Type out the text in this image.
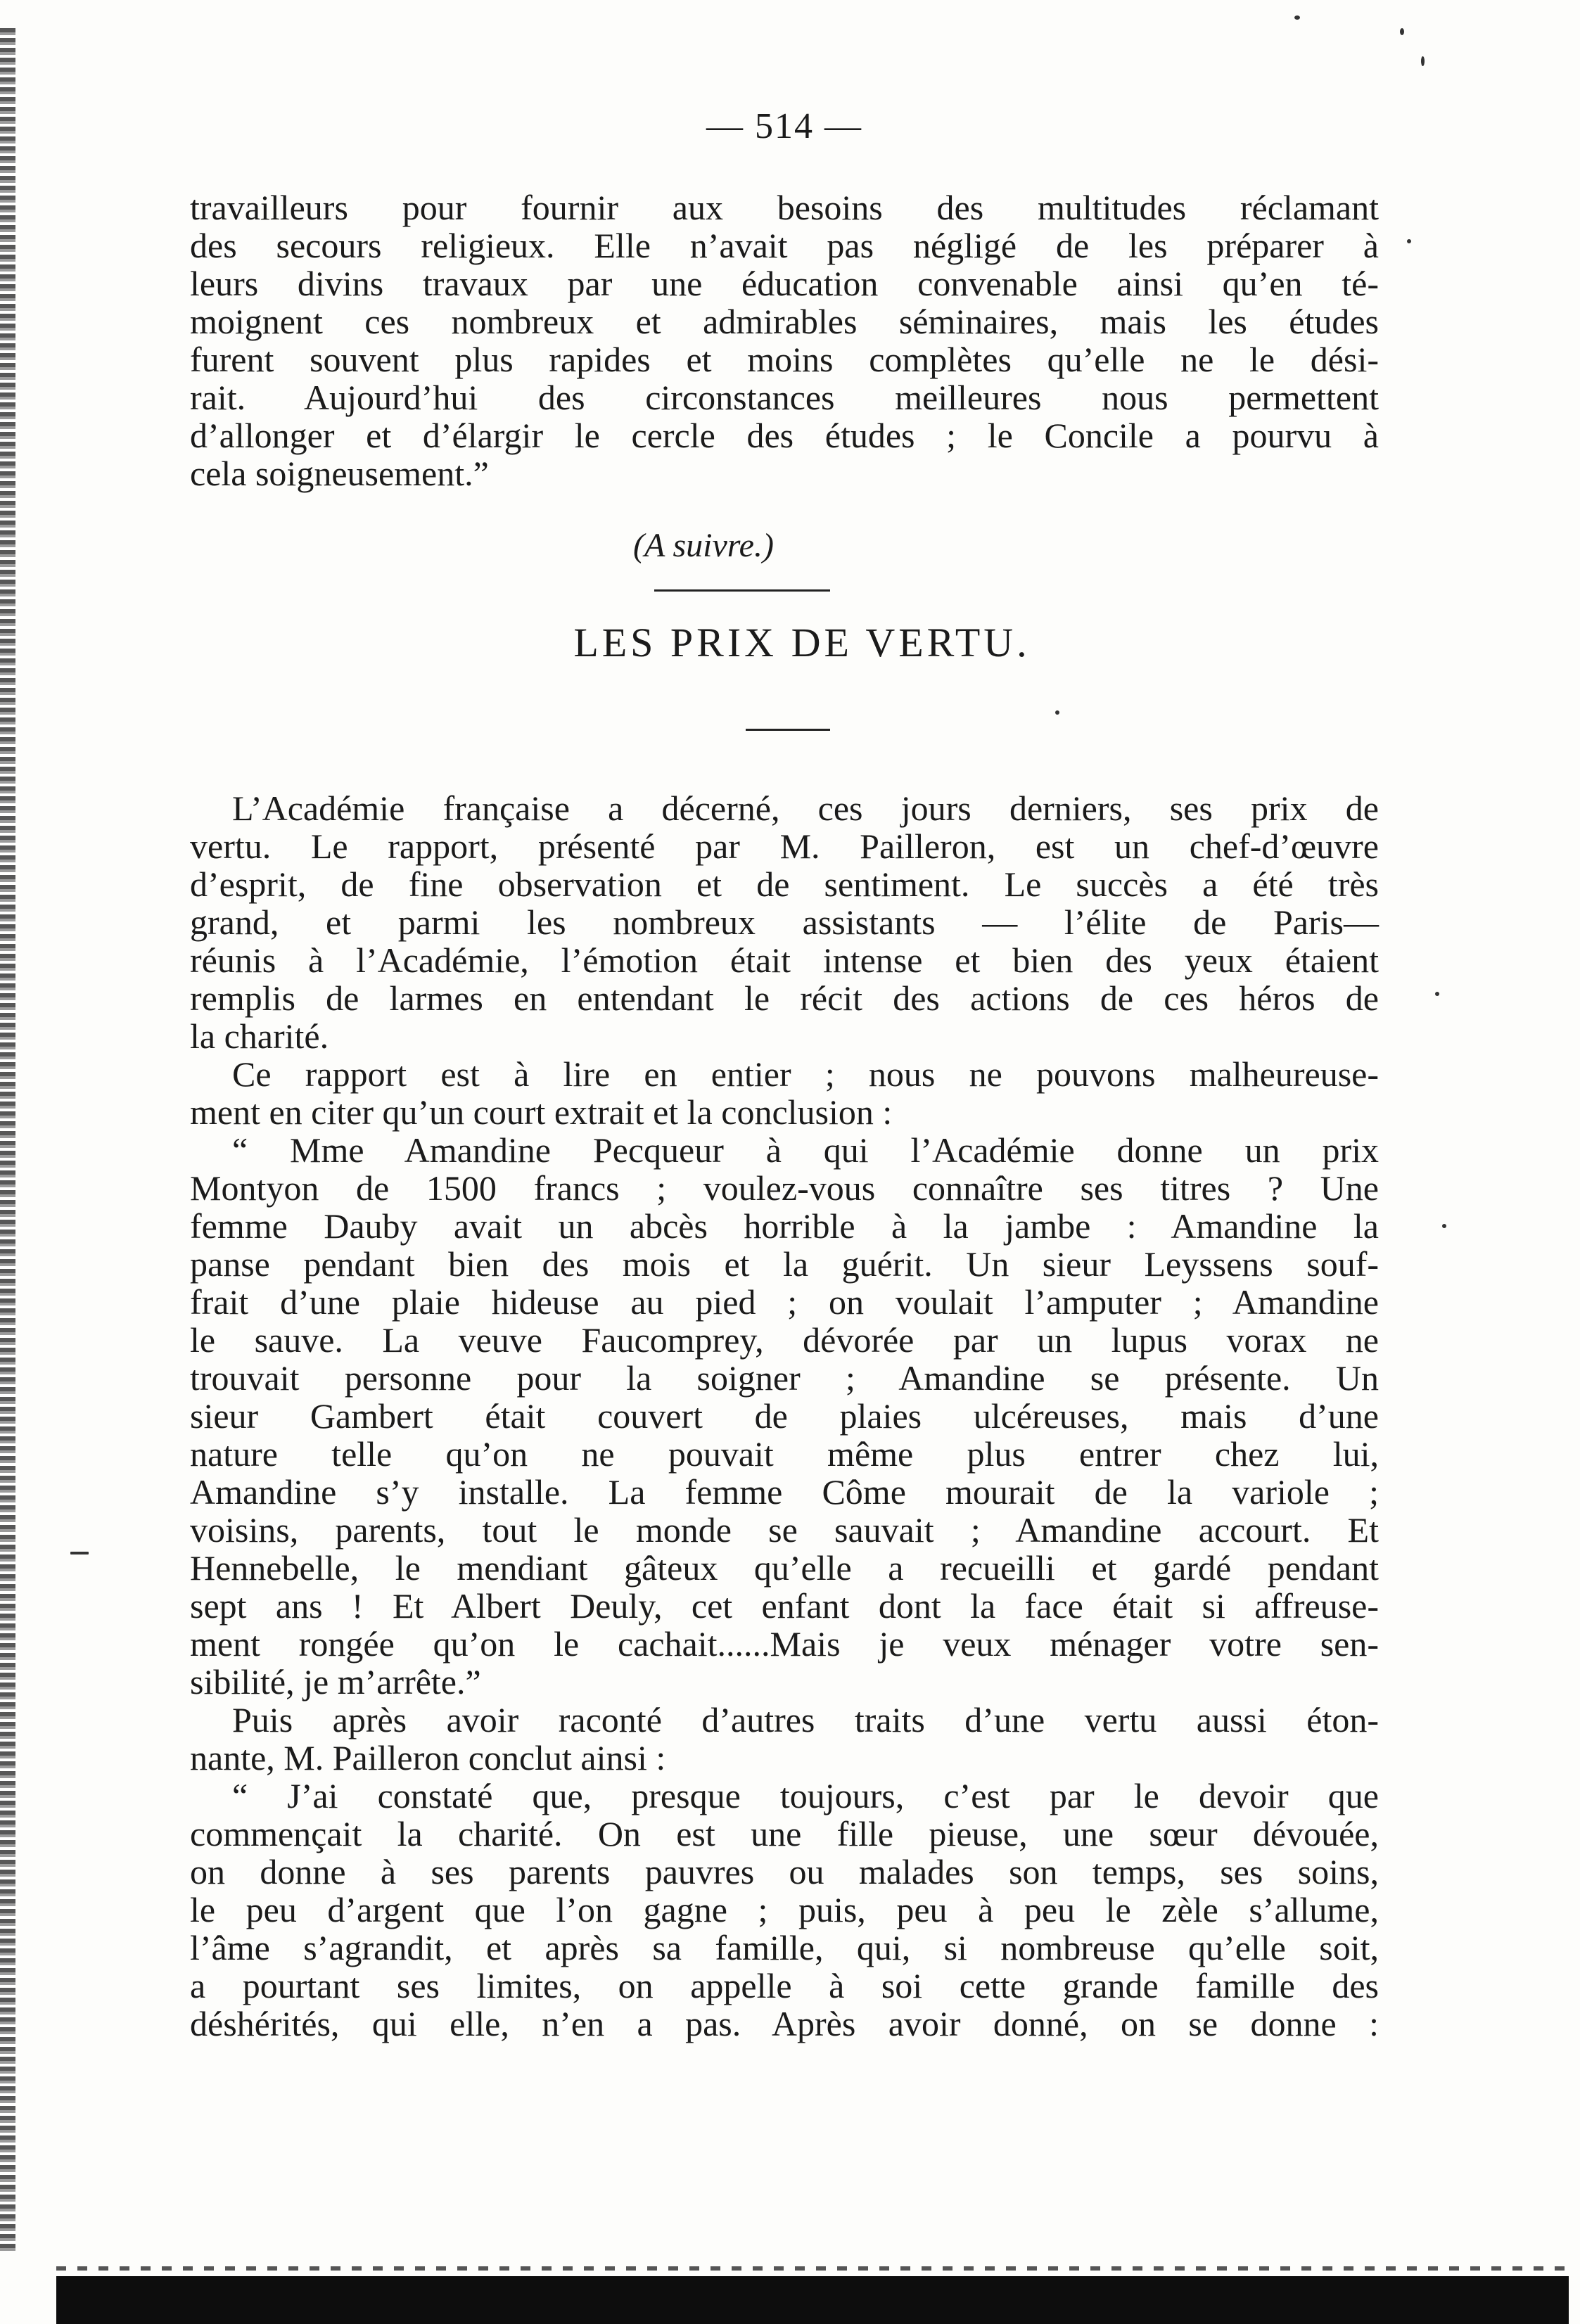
— 514 —
travailleurs pour fournir aux besoins des multitudes réclamant
des secours religieux. Elle n’avait pas négligé de les préparer à
leurs divins travaux par une éducation convenable ainsi qu’en té-
moignent ces nombreux et admirables séminaires, mais les études
furent souvent plus rapides et moins complètes qu’elle ne le dési-
rait. Aujourd’hui des circonstances meilleures nous permettent
d’allonger et d’élargir le cercle des études ; le Concile a pourvu à
cela soigneusement.”
(A suivre.)
LES PRIX DE VERTU.
L’Académie française a décerné, ces jours derniers, ses prix de
vertu. Le rapport, présenté par M. Pailleron, est un chef-d’œuvre
d’esprit, de fine observation et de sentiment. Le succès a été très
grand, et parmi les nombreux assistants — l’élite de Paris—
réunis à l’Académie, l’émotion était intense et bien des yeux étaient
remplis de larmes en entendant le récit des actions de ces héros de
la charité.
Ce rapport est à lire en entier ; nous ne pouvons malheureuse-
ment en citer qu’un court extrait et la conclusion :
“ Mme Amandine Pecqueur à qui l’Académie donne un prix
Montyon de 1500 francs ; voulez-vous connaître ses titres ? Une
femme Dauby avait un abcès horrible à la jambe : Amandine la
panse pendant bien des mois et la guérit. Un sieur Leyssens souf-
frait d’une plaie hideuse au pied ; on voulait l’amputer ; Amandine
le sauve. La veuve Faucomprey, dévorée par un lupus vorax ne
trouvait personne pour la soigner ; Amandine se présente. Un
sieur Gambert était couvert de plaies ulcéreuses, mais d’une
nature telle qu’on ne pouvait même plus entrer chez lui,
Amandine s’y installe. La femme Côme mourait de la variole ;
voisins, parents, tout le monde se sauvait ; Amandine accourt. Et
Hennebelle, le mendiant gâteux qu’elle a recueilli et gardé pendant
sept ans ! Et Albert Deuly, cet enfant dont la face était si affreuse-
ment rongée qu’on le cachait......Mais je veux ménager votre sen-
sibilité, je m’arrête.”
Puis après avoir raconté d’autres traits d’une vertu aussi éton-
nante, M. Pailleron conclut ainsi :
“ J’ai constaté que, presque toujours, c’est par le devoir que
commençait la charité. On est une fille pieuse, une sœur dévouée,
on donne à ses parents pauvres ou malades son temps, ses soins,
le peu d’argent que l’on gagne ; puis, peu à peu le zèle s’allume,
l’âme s’agrandit, et après sa famille, qui, si nombreuse qu’elle soit,
a pourtant ses limites, on appelle à soi cette grande famille des
déshérités, qui elle, n’en a pas. Après avoir donné, on se donne :
